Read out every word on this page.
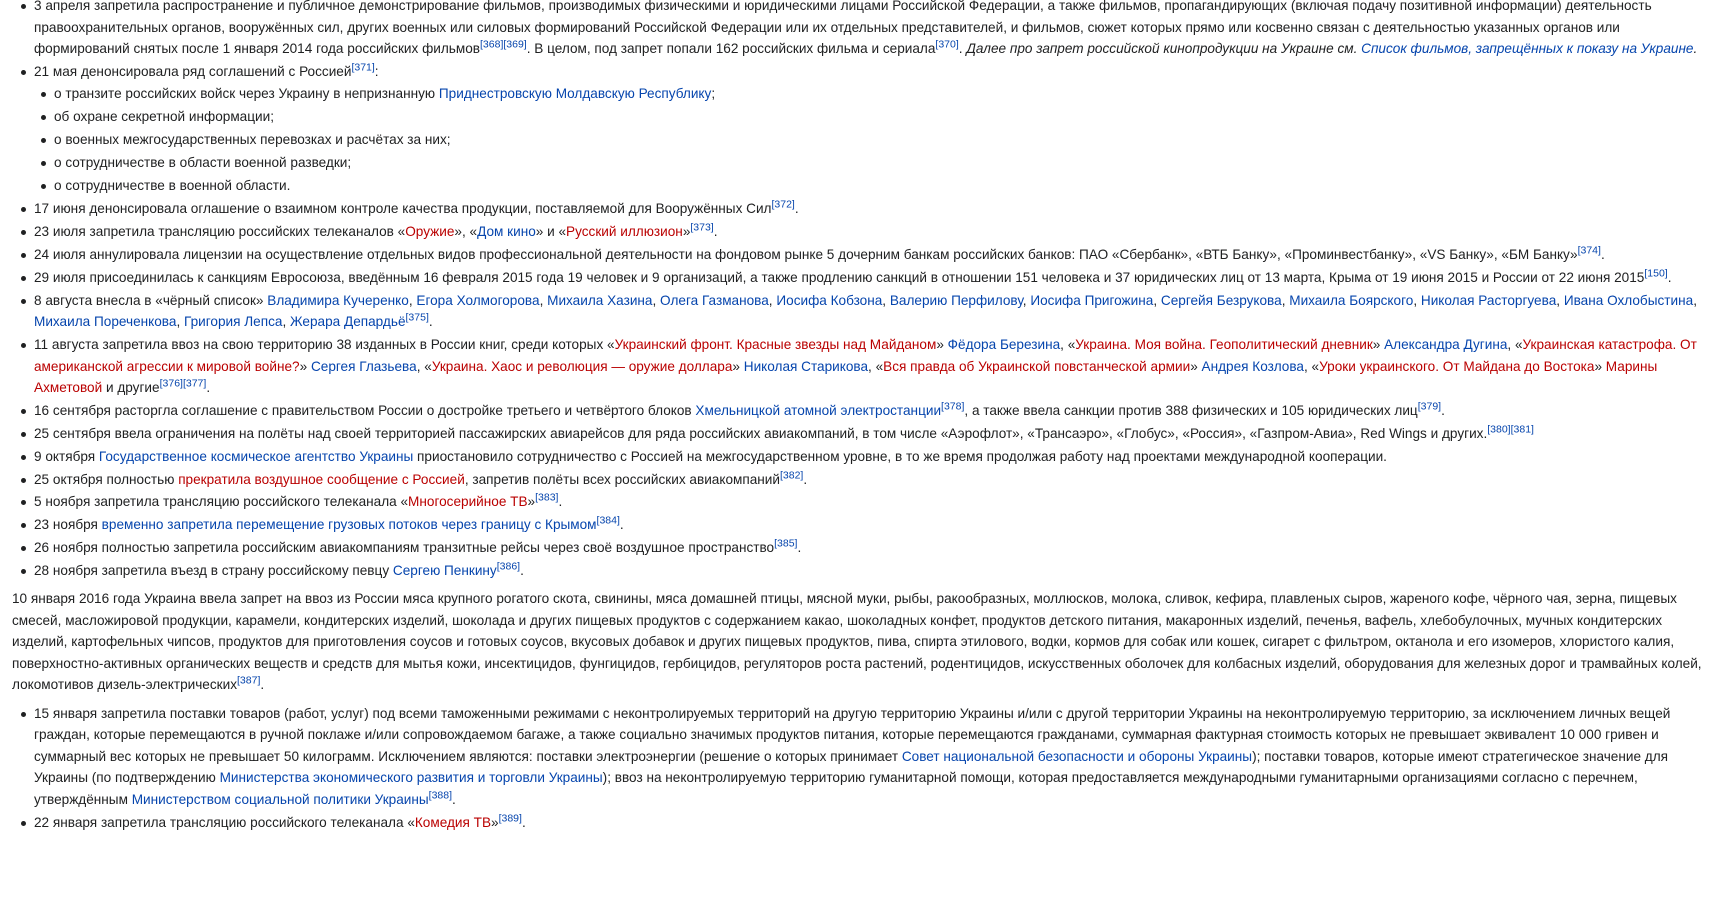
3 апреля запретила распространение и публичное демонстрирование фильмов, производимых физическими и юридическими лицами Российской Федерации, а также фильмов, пропагандирующих (включая подачу позитивной информации) деятельность правоохранительных органов, вооружённых сил, других военных или силовых формирований Российской Федерации или их отдельных представителей, и фильмов, сюжет которых прямо или косвенно связан с деятельностью указанных органов или формирований снятых после 1 января 2014 года российских фильмов[368][369]. В целом, под запрет попали 162 российских фильма и сериала[370]. Далее про запрет российской кинопродукции на Украине см. Список фильмов, запрещённых к показу на Украине.
21 мая денонсировала ряд соглашений с Россией[371]:
о транзите российских войск через Украину в непризнанную Приднестровскую Молдавскую Республику;
об охране секретной информации;
о военных межгосударственных перевозках и расчётах за них;
о сотрудничестве в области военной разведки;
о сотрудничестве в военной области.
17 июня денонсировала оглашение о взаимном контроле качества продукции, поставляемой для Вооружённых Сил[372].
23 июля запретила трансляцию российских телеканалов «Оружие», «Дом кино» и «Русский иллюзион»[373].
24 июля аннулировала лицензии на осуществление отдельных видов профессиональной деятельности на фондовом рынке 5 дочерним банкам российских банков: ПАО «Сбербанк», «ВТБ Банку», «Проминвестбанку», «VS Банку», «БМ Банку»[374].
29 июля присоединилась к санкциям Евросоюза, введённым 16 февраля 2015 года 19 человек и 9 организаций, а также продлению санкций в отношении 151 человека и 37 юридических лиц от 13 марта, Крыма от 19 июня 2015 и России от 22 июня 2015[150].
8 августа внесла в «чёрный список» Владимира Кучеренко, Егора Холмогорова, Михаила Хазина, Олега Газманова, Иосифа Кобзона, Валерию Перфилову, Иосифа Пригожина, Сергейя Безрукова, Михаила Боярского, Николая Расторгуева, Ивана Охлобыстина, Михаила Пореченкова, Григория Лепса, Жерара Депардьё[375].
11 августа запретила ввоз на свою территорию 38 изданных в России книг, среди которых «Украинский фронт. Красные звезды над Майданом» Фёдора Березина, «Украина. Моя война. Геополитический дневник» Александра Дугина, «Украинская катастрофа. От американской агрессии к мировой войне?» Сергея Глазьева, «Украина. Хаос и революция — оружие доллара» Николая Старикова, «Вся правда об Украинской повстанческой армии» Андрея Козлова, «Уроки украинского. От Майдана до Востока» Марины Ахметовой и другие[376][377].
16 сентября расторгла соглашение с правительством России о достройке третьего и четвёртого блоков Хмельницкой атомной электростанции[378], а также ввела санкции против 388 физических и 105 юридических лиц[379].
25 сентября ввела ограничения на полёты над своей территорией пассажирских авиарейсов для ряда российских авиакомпаний, в том числе «Аэрофлот», «Трансаэро», «Глобус», «Россия», «Газпром-Авиа», Red Wings и других.[380][381]
9 октября Государственное космическое агентство Украины приостановило сотрудничество с Россией на межгосударственном уровне, в то же время продолжая работу над проектами международной кооперации.
25 октября полностью прекратила воздушное сообщение с Россией, запретив полёты всех российских авиакомпаний[382].
5 ноября запретила трансляцию российского телеканала «Многосерийное ТВ»[383].
23 ноября временно запретила перемещение грузовых потоков через границу с Крымом[384].
26 ноября полностью запретила российским авиакомпаниям транзитные рейсы через своё воздушное пространство[385].
28 ноября запретила въезд в страну российскому певцу Сергею Пенкину[386].

10 января 2016 года Украина ввела запрет на ввоз из России мяса крупного рогатого скота, свинины, мяса домашней птицы, мясной муки, рыбы, ракообразных, моллюсков, молока, сливок, кефира, плавленых сыров, жареного кофе, чёрного чая, зерна, пищевых смесей, масложировой продукции, карамели, кондитерских изделий, шоколада и других пищевых продуктов с содержанием какао, шоколадных конфет, продуктов детского питания, макаронных изделий, печенья, вафель, хлебобулочных, мучных кондитерских изделий, картофельных чипсов, продуктов для приготовления соусов и готовых соусов, вкусовых добавок и других пищевых продуктов, пива, спирта этилового, водки, кормов для собак или кошек, сигарет с фильтром, октанола и его изомеров, хлористого калия, поверхностно-активных органических веществ и средств для мытья кожи, инсектицидов, фунгицидов, гербицидов, регуляторов роста растений, родентицидов, искусственных оболочек для колбасных изделий, оборудования для железных дорог и трамвайных колей, локомотивов дизель-электрических[387].

15 января запретила поставки товаров (работ, услуг) под всеми таможенными режимами с неконтролируемых территорий на другую территорию Украины и/или с другой территории Украины на неконтролируемую территорию, за исключением личных вещей граждан, которые перемещаются в ручной поклаже и/или сопровождаемом багаже, а также социально значимых продуктов питания, которые перемещаются гражданами, суммарная фактурная стоимость которых не превышает эквивалент 10 000 гривен и суммарный вес которых не превышает 50 килограмм. Исключением являются: поставки электроэнергии (решение о которых принимает Совет национальной безопасности и обороны Украины); поставки товаров, которые имеют стратегическое значение для Украины (по подтверждению Министерства экономического развития и торговли Украины); ввоз на неконтролируемую территорию гуманитарной помощи, которая предоставляется международными гуманитарными организациями согласно с перечнем, утверждённым Министерством социальной политики Украины[388].
22 января запретила трансляцию российского телеканала «Комедия ТВ»[389].
